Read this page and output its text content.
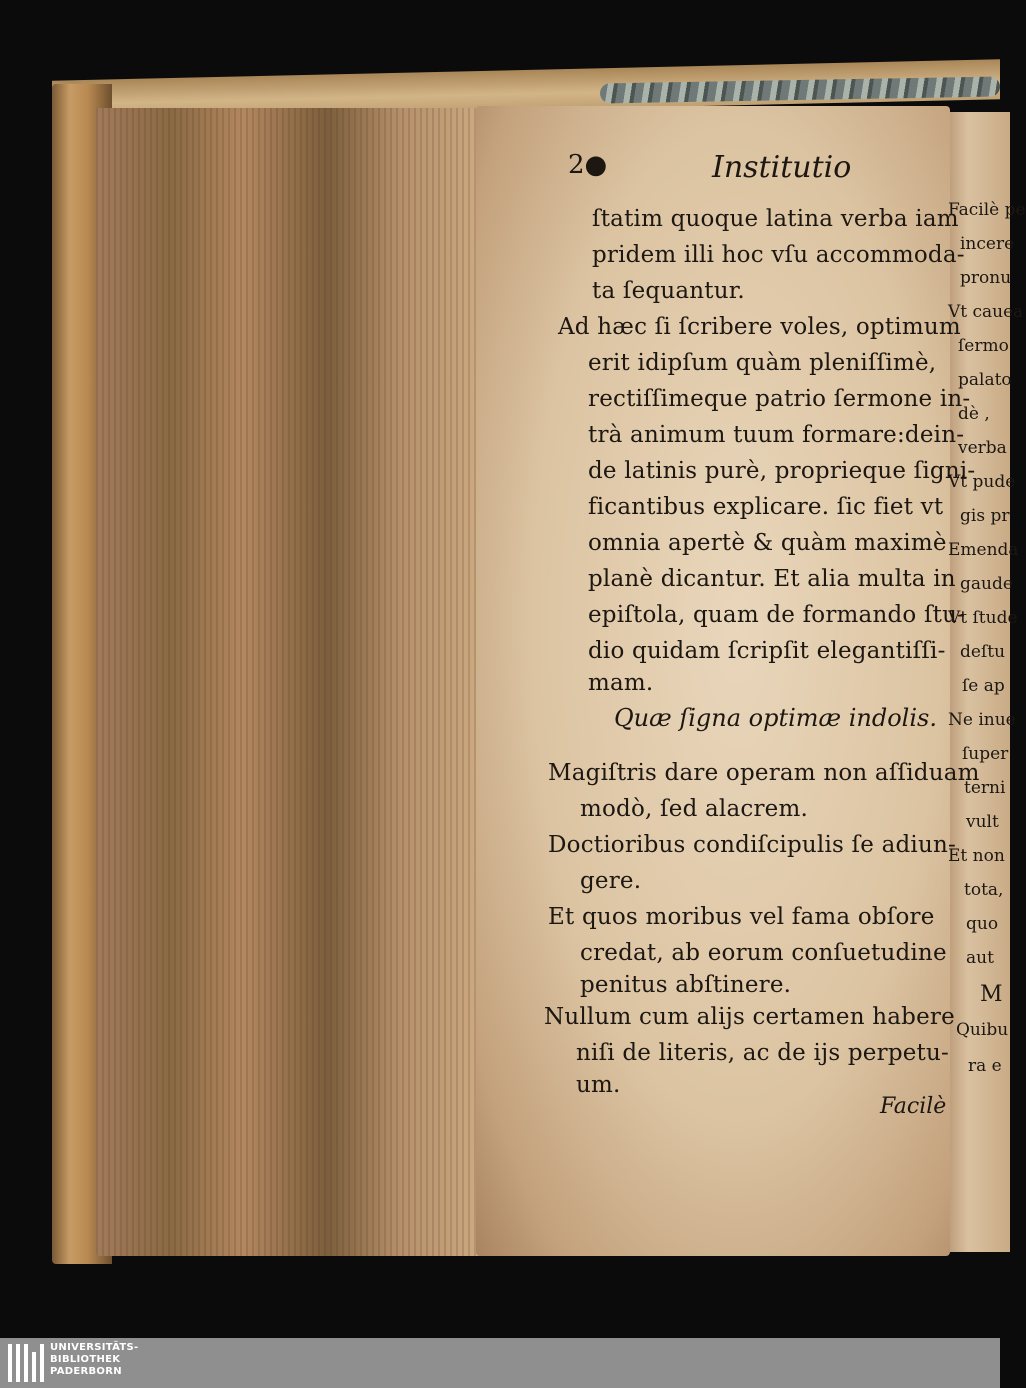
2●	Institutio
ſtatim quoque latina verba iam
pridem illi hoc vſu accommoda-
ta ſequantur.
Ad hæc ſi ſcribere voles, optimum
erit idipſum quàm pleniſſimè,
rectiſſimeque patrio ſermone in-
trà animum tuum formare:dein-
de latinis purè, proprieque ſigni-
ficantibus explicare. ſic fiet vt
omnia apertè & quàm maximè
planè dicantur. Et alia multa in
epiſtola, quam de formando ſtu-
dio quidam ſcripſit elegantiſſi-
mam.
Quæ ſigna optimæ indolis.
Magiſtris dare operam non aſſiduam
modò, ſed alacrem.
Doctioribus condiſcipulis ſe adiun-
gere.
Et quos moribus vel fama obſore
credat, ab eorum conſuetudine
penitus abſtinere.
Nullum cum alijs certamen habere
niſi de literis, ac de ijs perpetu-
um.
Facilè
Facilè pe
incere
pronu
Vt cauea
ſermo
palato
dè ,
verba
Vt pude
gis pr
Emenda
gaude
Vt ſtude
deſtu
ſe ap
Ne inue
ſuper
terni
vult
Et non
tota,
quo
aut
M
Quibu
ra e
UNIVERSITÄTS-
BIBLIOTHEK
PADERBORN
